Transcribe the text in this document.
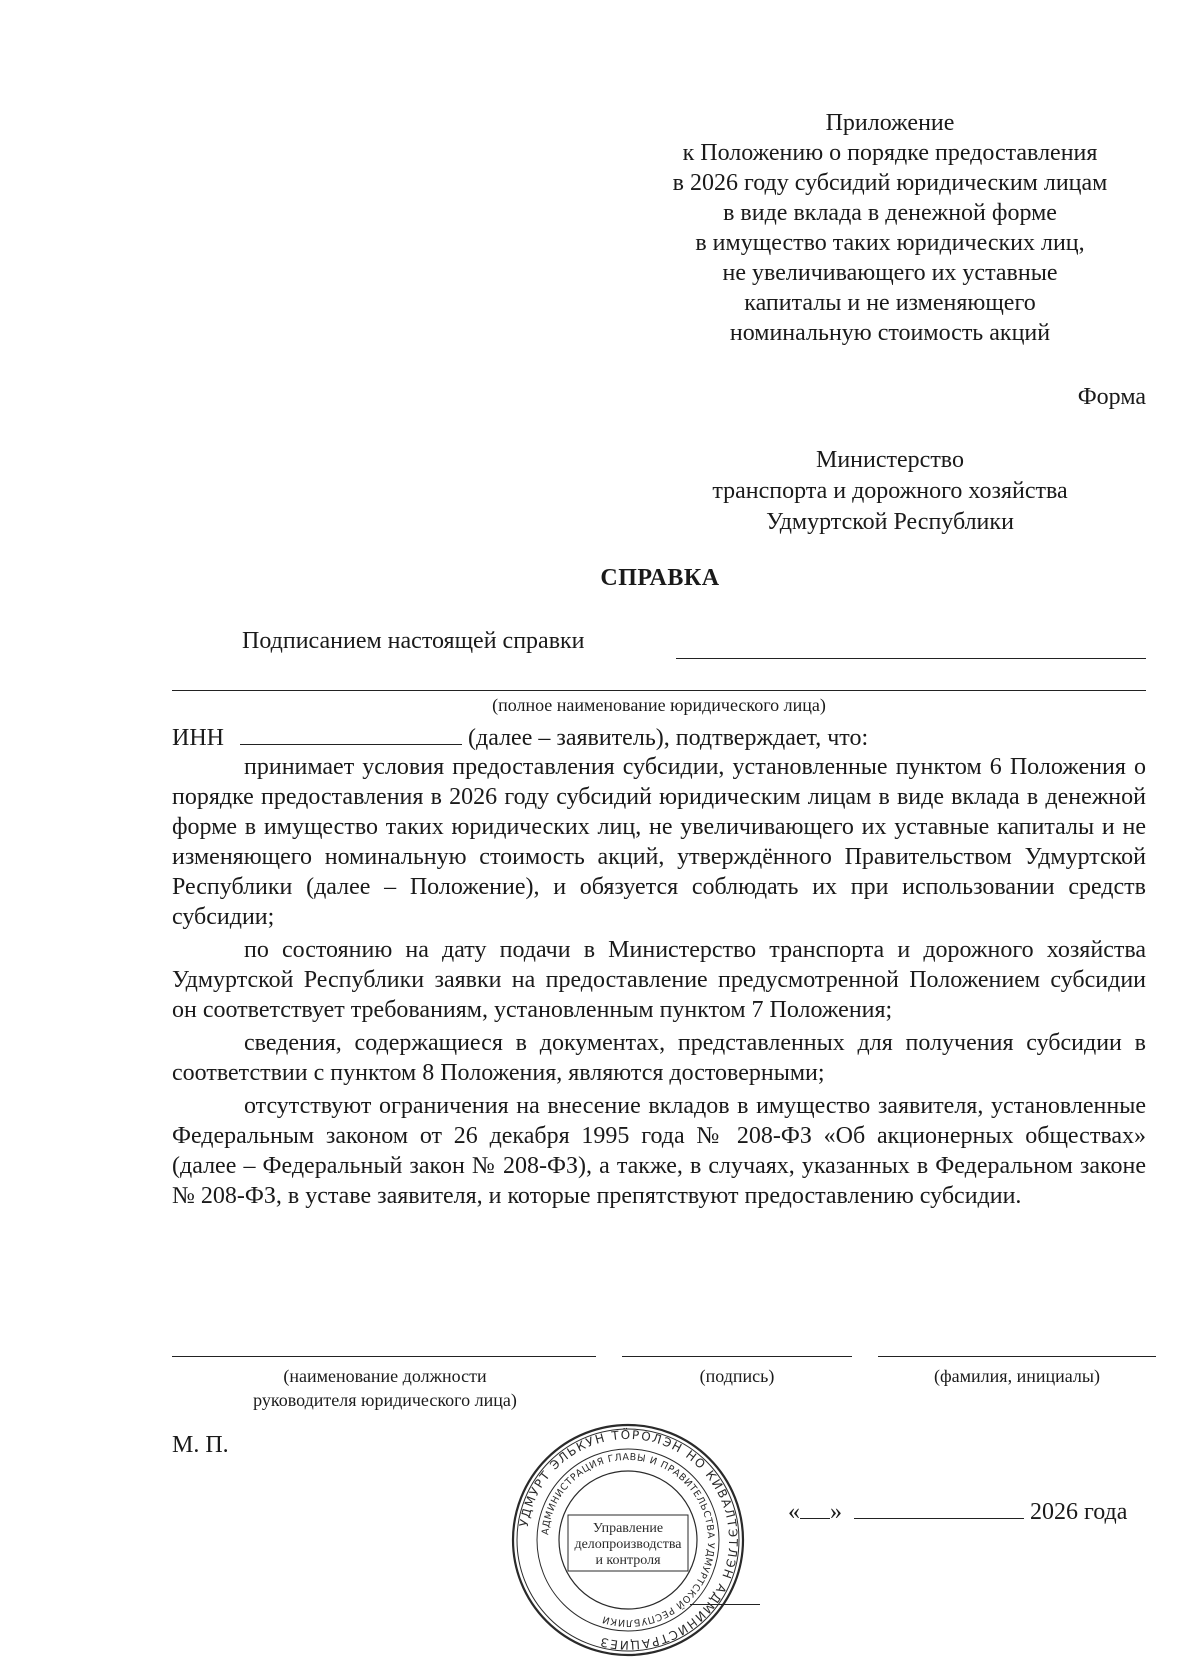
Приложение
к Положению о порядке предоставления
в 2026 году субсидий юридическим лицам
в виде вклада в денежной форме
в имущество таких юридических лиц,
не увеличивающего их уставные
капиталы и не изменяющего
номинальную стоимость акций
Форма
Министерство
транспорта и дорожного хозяйства
Удмуртской Республики
СПРАВКА
Подписанием настоящей справки
(полное наименование юридического лица)
ИНН	(далее – заявитель), подтверждает, что:

принимает условия предоставления субсидии, установленные пунктом 6 Положения о порядке предоставления в 2026 году субсидий юридическим лицам в виде вклада в денежной форме в имущество таких юридических лиц, не увеличивающего их уставные капиталы и не изменяющего номинальную стоимость акций, утверждённого Правительством Удмуртской Республики (далее – Положение), и обязуется соблюдать их при использовании средств субсидии;

по состоянию на дату подачи в Министерство транспорта и дорожного хозяйства Удмуртской Республики заявки на предоставление предусмотренной Положением субсидии он соответствует требованиям, установленным пунктом 7 Положения;

сведения, содержащиеся в документах, представленных для получения субсидии в соответствии с пунктом 8 Положения, являются достоверными;

отсутствуют ограничения на внесение вкладов в имущество заявителя, установленные Федеральным законом от 26 декабря 1995 года № 208-ФЗ «Об акционерных обществах» (далее – Федеральный закон № 208-ФЗ), а также, в случаях, указанных в Федеральном законе № 208-ФЗ, в уставе заявителя, и которые препятствуют предоставлению субсидии.

(наименование должности
руководителя юридического лица)
(подпись)	(фамилия, инициалы)
М. П.
УДМУРТ ЭЛЬКУН ТÖРОЛЭН НО КИВАЛТЭТЛЭН АДМИНИСТРАЦИЕЗ
АДМИНИСТРАЦИЯ ГЛАВЫ И ПРАВИТЕЛЬСТВА УДМУРТСКОЙ РЕСПУБЛИКИ
Управление
делопроизводства
и контроля
« »	2026 года
